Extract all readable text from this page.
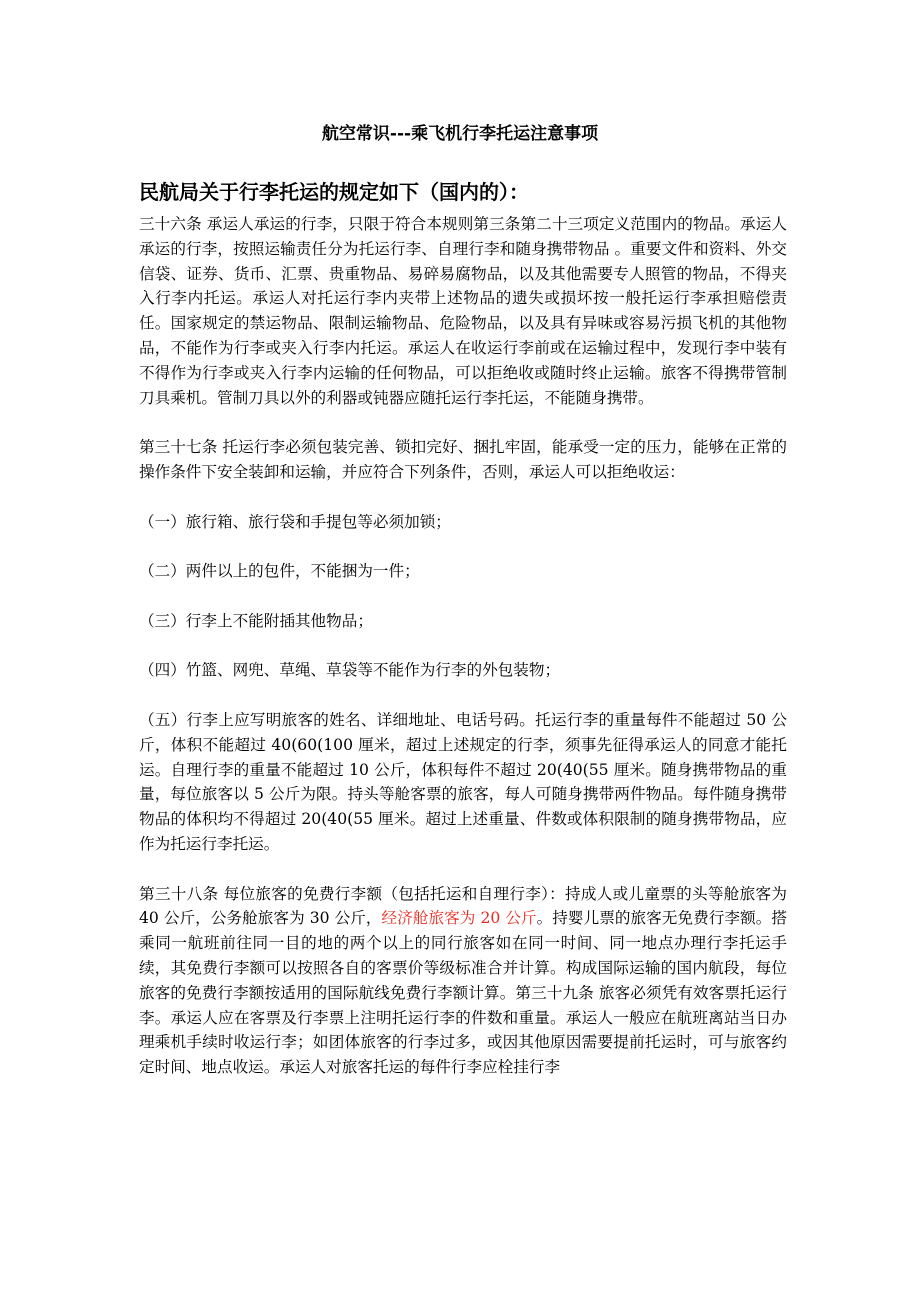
航空常识---乘飞机行李托运注意事项
民航局关于行李托运的规定如下（国内的）：

三十六条 承运人承运的行李，只限于符合本规则第三条第二十三项定义范围内的物品。承运人承运的行李，按照运输责任分为托运行李、自理行李和随身携带物品 。重要文件和资料、外交信袋、证券、货币、汇票、贵重物品、易碎易腐物品，以及其他需要专人照管的物品，不得夹入行李内托运。承运人对托运行李内夹带上述物品的遗失或损坏按一般托运行李承担赔偿责任。国家规定的禁运物品、限制运输物品、危险物品，以及具有异味或容易污损飞机的其他物品，不能作为行李或夹入行李内托运。承运人在收运行李前或在运输过程中，发现行李中装有不得作为行李或夹入行李内运输的任何物品，可以拒绝收或随时终止运输。旅客不得携带管制刀具乘机。管制刀具以外的利器或钝器应随托运行李托运，不能随身携带。

第三十七条 托运行李必须包装完善、锁扣完好、捆扎牢固，能承受一定的压力，能够在正常的操作条件下安全装卸和运输，并应符合下列条件，否则，承运人可以拒绝收运：

（一）旅行箱、旅行袋和手提包等必须加锁；

（二）两件以上的包件，不能捆为一件；

（三）行李上不能附插其他物品；

（四）竹篮、网兜、草绳、草袋等不能作为行李的外包装物；

（五）行李上应写明旅客的姓名、详细地址、电话号码。托运行李的重量每件不能超过 50 公斤，体积不能超过 40(60(100 厘米，超过上述规定的行李，须事先征得承运人的同意才能托运。自理行李的重量不能超过 10 公斤，体积每件不超过 20(40(55 厘米。随身携带物品的重量，每位旅客以 5 公斤为限。持头等舱客票的旅客，每人可随身携带两件物品。每件随身携带物品的体积均不得超过 20(40(55 厘米。超过上述重量、件数或体积限制的随身携带物品，应作为托运行李托运。

第三十八条 每位旅客的免费行李额（包括托运和自理行李）：持成人或儿童票的头等舱旅客为 40 公斤，公务舱旅客为 30 公斤，经济舱旅客为 20 公斤。持婴儿票的旅客无免费行李额。搭乘同一航班前往同一目的地的两个以上的同行旅客如在同一时间、同一地点办理行李托运手续，其免费行李额可以按照各自的客票价等级标准合并计算。构成国际运输的国内航段，每位旅客的免费行李额按适用的国际航线免费行李额计算。第三十九条 旅客必须凭有效客票托运行李。承运人应在客票及行李票上注明托运行李的件数和重量。承运人一般应在航班离站当日办理乘机手续时收运行李；如团体旅客的行李过多，或因其他原因需要提前托运时，可与旅客约定时间、地点收运。承运人对旅客托运的每件行李应栓挂行李
